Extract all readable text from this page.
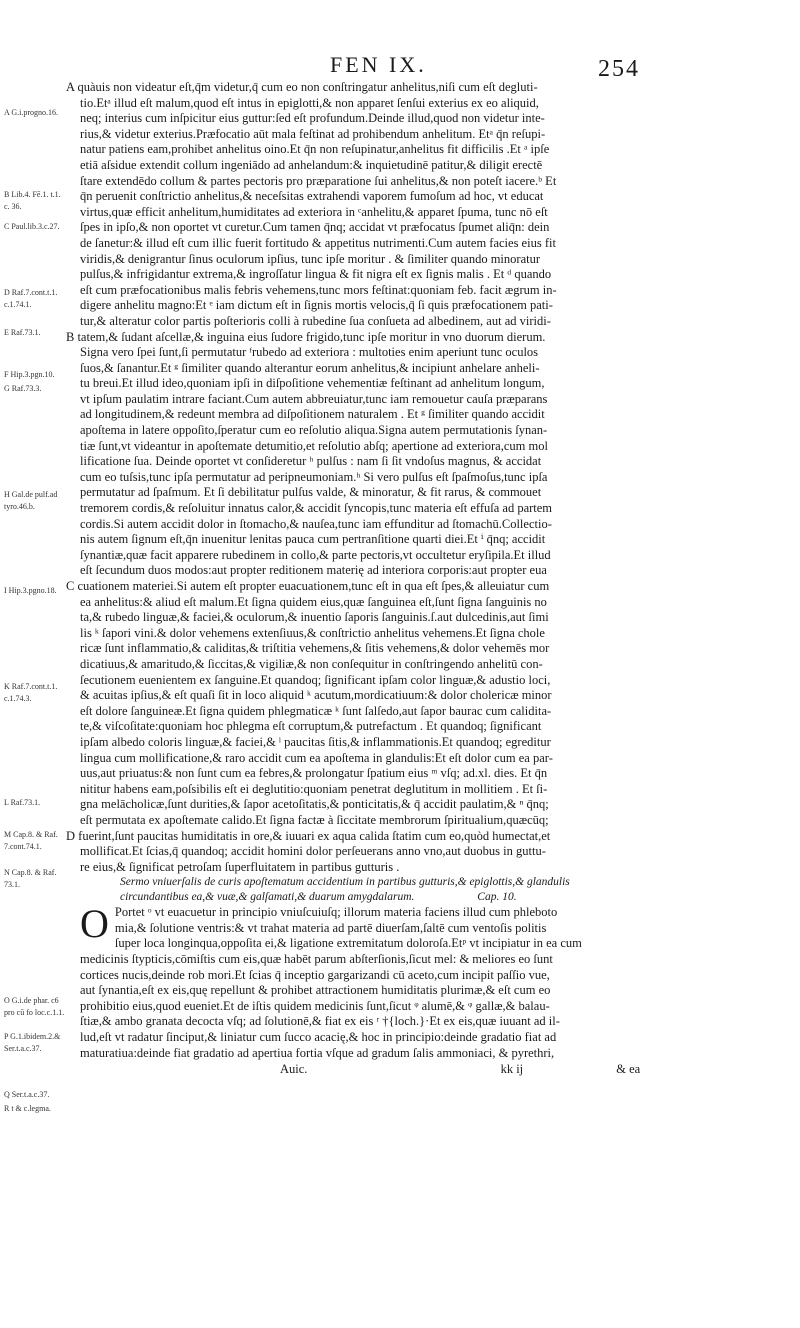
FEN IX.	254
A G.i.progno.16.
B Lib.4. Fē.1. t.1.
c. 36.
C Paul.lib.3.c.27.
D Raf.7.cont.t.1.
c.1.74.1.
E Raf.73.1.
F Hip.3.pgn.10.
G Raf.73.3.
H Gal.de pulf.ad
tyro.46.b.
I Hip.3.pgno.18.
K Raf.7.cont.t.1.
c.1.74.3.
L Raf.73.1.
M Cap.8. & Raf.
7.cont.74.1.
N Cap.8. & Raf.
73.1.
O G.i.de phar. c6
pro cū fo loc.c.1.1.
P G.1.ibidem.2.&
Ser.t.a.c.37.
Q Ser.t.a.c.37.
R t & c.legma.
A quàuis non videatur eſt,q̄m videtur,q̄ cum eo non conſtringatur anhelitus,niſi cum eſt degluti-
tio.Etᵃ illud eſt malum,quod eſt intus in epiglotti,& non apparet ſenſui exterius ex eo aliquid,
neq; interius cum inſpicitur eius guttur:ſed eſt profundum.Deinde illud,quod non videtur inte-
rius,& videtur exterius.Præfocatio aūt mala feſtinat ad prohibendum anhelitum. Etᵃ q̄n reſupi-
natur patiens eam,prohibet anhelitus oino.Et q̄n non reſupinatur,anhelitus fit difficilis .Et ᵃ ipſe
etiā aſsidue extendit collum ingeniādo ad anhelandum:& inquietudinē patitur,& diligit erectē
ſtare extendēdo collum & partes pectoris pro præparatione ſui anhelitus,& non poteſt iacere.ᵇ Et
q̄n peruenit conſtrictio anhelitus,& neceſsitas extrahendi vaporem fumoſum ad hoc, vt educat
virtus,quæ efficit anhelitum,humiditates ad exteriora in ᶜanhelitu,& apparet ſpuma, tunc nō eſt
ſpes in ipſo,& non oportet vt curetur.Cum tamen q̄nq; accidat vt præfocatus ſpumet aliq̄n: dein
de ſanetur:& illud eſt cum illic fuerit fortitudo & appetitus nutrimenti.Cum autem facies eius fit
viridis,& denigrantur ſinus oculorum ipſius, tunc ipſe moritur . & ſimiliter quando minoratur
pulſus,& infrigidantur extrema,& ingroſſatur lingua & fit nigra eſt ex ſignis malis . Et ᵈ quando
eſt cum præfocationibus malis febris vehemens,tunc mors feſtinat:quoniam feb. facit ægrum in-
digere anhelitu magno:Et ᵉ iam dictum eſt in ſignis mortis velocis,q̄ ſi quis præfocationem pati-
tur,& alteratur color partis poſterioris colli à rubedine ſua conſueta ad albedinem, aut ad viridi-
B tatem,& ſudant aſcellæ,& inguina eius ſudore frigido,tunc ipſe moritur in vno duorum dierum.
Signa vero ſpei ſunt,ſi permutatur ᶠrubedo ad exteriora : multoties enim aperiunt tunc oculos
ſuos,& ſanantur.Et ᵍ ſimiliter quando alterantur eorum anhelitus,& incipiunt anhelare anheli-
tu breui.Et illud ideo,quoniam ipſi in diſpoſitione vehementiæ feſtinant ad anhelitum longum,
vt ipſum paulatim intrare faciant.Cum autem abbreuiatur,tunc iam remouetur cauſa præparans
ad longitudinem,& redeunt membra ad diſpoſitionem naturalem . Et ᵍ ſimiliter quando accidit
apoſtema in latere oppoſito,ſperatur cum eo reſolutio aliqua.Signa autem permutationis ſynan-
tiæ ſunt,vt videantur in apoſtemate detumitio,et reſolutio abſq; apertione ad exteriora,cum mol
lificatione ſua. Deinde oportet vt conſideretur ʰ pulſus : nam ſi ſit vndoſus magnus, & accidat
cum eo tuſsis,tunc ipſa permutatur ad peripneumoniam.ʰ Si vero pulſus eſt ſpaſmoſus,tunc ipſa
permutatur ad ſpaſmum. Et ſi debilitatur pulſus valde, & minoratur, & fit rarus, & commouet
tremorem cordis,& reſoluitur innatus calor,& accidit ſyncopis,tunc materia eſt effuſa ad partem
cordis.Si autem accidit dolor in ſtomacho,& nauſea,tunc iam effunditur ad ſtomachū.Collectio-
nis autem ſignum eſt,q̄n inuenitur lenitas pauca cum pertranſitione quarti diei.Et ⁱ q̄nq; accidit
ſynantiæ,quæ facit apparere rubedinem in collo,& parte pectoris,vt occultetur eryſipila.Et illud
eſt ſecundum duos modos:aut propter reditionem materię ad interiora corporis:aut propter eua
C cuationem materiei.Si autem eſt propter euacuationem,tunc eſt in qua eſt ſpes,& alleuiatur cum
ea anhelitus:& aliud eſt malum.Et ſigna quidem eius,quæ ſanguinea eſt,ſunt ſigna ſanguinis no
ta,& rubedo linguæ,& faciei,& oculorum,& inuentio ſaporis ſanguinis.ſ.aut dulcedinis,aut ſimi
lis ᵏ ſapori vini.& dolor vehemens extenſiuus,& conſtrictio anhelitus vehemens.Et ſigna chole
ricæ ſunt inflammatio,& caliditas,& triſtitia vehemens,& ſitis vehemens,& dolor vehemēs mor
dicatiuus,& amaritudo,& ſiccitas,& vigiliæ,& non conſequitur in conſtringendo anhelitū con-
ſecutionem euenientem ex ſanguine.Et quandoq; ſignificant ipſam color linguæ,& adustio loci,
& acuitas ipſius,& eſt quaſi ſit in loco aliquid ᵏ acutum,mordicatiuum:& dolor cholericæ minor
eſt dolore ſanguineæ.Et ſigna quidem phlegmaticæ ᵏ ſunt ſalſedo,aut ſapor baurac cum calidita-
te,& viſcoſitate:quoniam hoc phlegma eſt corruptum,& putrefactum . Et quandoq; ſignificant
ipſam albedo coloris linguæ,& faciei,& ˡ paucitas ſitis,& inflammationis.Et quandoq; egreditur
lingua cum mollificatione,& raro accidit cum ea apoſtema in glandulis:Et eſt dolor cum ea par-
uus,aut priuatus:& non ſunt cum ea febres,& prolongatur ſpatium eius ᵐ vſq; ad.xl. dies. Et q̄n
nititur habens eam,poſsibilis eſt ei deglutitio:quoniam penetrat deglutitum in mollitiem . Et ſi-
gna melācholicæ,ſunt durities,& ſapor acetoſitatis,& ponticitatis,& q̄ accidit paulatim,& ⁿ q̄nq;
eſt permutata ex apoſtemate calido.Et ſigna factæ à ſiccitate membrorum ſpiritualium,quæcūq;
D fuerint,ſunt paucitas humiditatis in ore,& iuuari ex aqua calida ſtatim cum eo,quòd humectat,et
mollificat.Et ſcias,q̄ quandoq; accidit homini dolor perſeuerans anno vno,aut duobus in guttu-
re eius,& ſignificat petroſam ſuperfluitatem in partibus gutturis .
Sermo vniuerſalis de curis apoſtematum accidentium in partibus gutturis,& epiglottis,& glandulis
circundantibus ea,& vuæ,& galſamati,& duarum amygdalarum.	Cap. 10.
O Portet ᵒ vt euacuetur in principio vniuſcuiuſq; illorum materia faciens illud cum phleboto
mia,& ſolutione ventris:& vt trahat materia ad partē diuerſam,ſaltē cum ventoſis politis
ſuper loca longinqua,oppoſita ei,& ligatione extremitatum doloroſa.Etᵖ vt incipiatur in ea cum
medicinis ſtypticis,cōmiſtis cum eis,quæ habēt parum abſterſionis,ſicut mel: & meliores eo ſunt
cortices nucis,deinde rob mori.Et ſcias q̄ inceptio gargarizandi cū aceto,cum incipit paſſio vue,
aut ſynantia,eſt ex eis,quę repellunt & prohibet attractionem humiditatis plurimæ,& eſt cum eo
prohibitio eius,quod eueniet.Et de iſtis quidem medicinis ſunt,ſicut ᵠ alumē,& ᵠ gallæ,& balau-
ſtiæ,& ambo granata decocta vſq; ad ſolutionē,& fiat ex eis ʳ †{loch.}·Et ex eis,quæ iuuant ad il-
lud,eſt vt radatur ſinciput,& liniatur cum ſucco acacię,& hoc in principio:deinde gradatio fiat ad
maturatiua:deinde fiat gradatio ad apertiua fortia vſque ad gradum ſalis ammoniaci, & pyrethri,
Auic.	kk ij	& ea
